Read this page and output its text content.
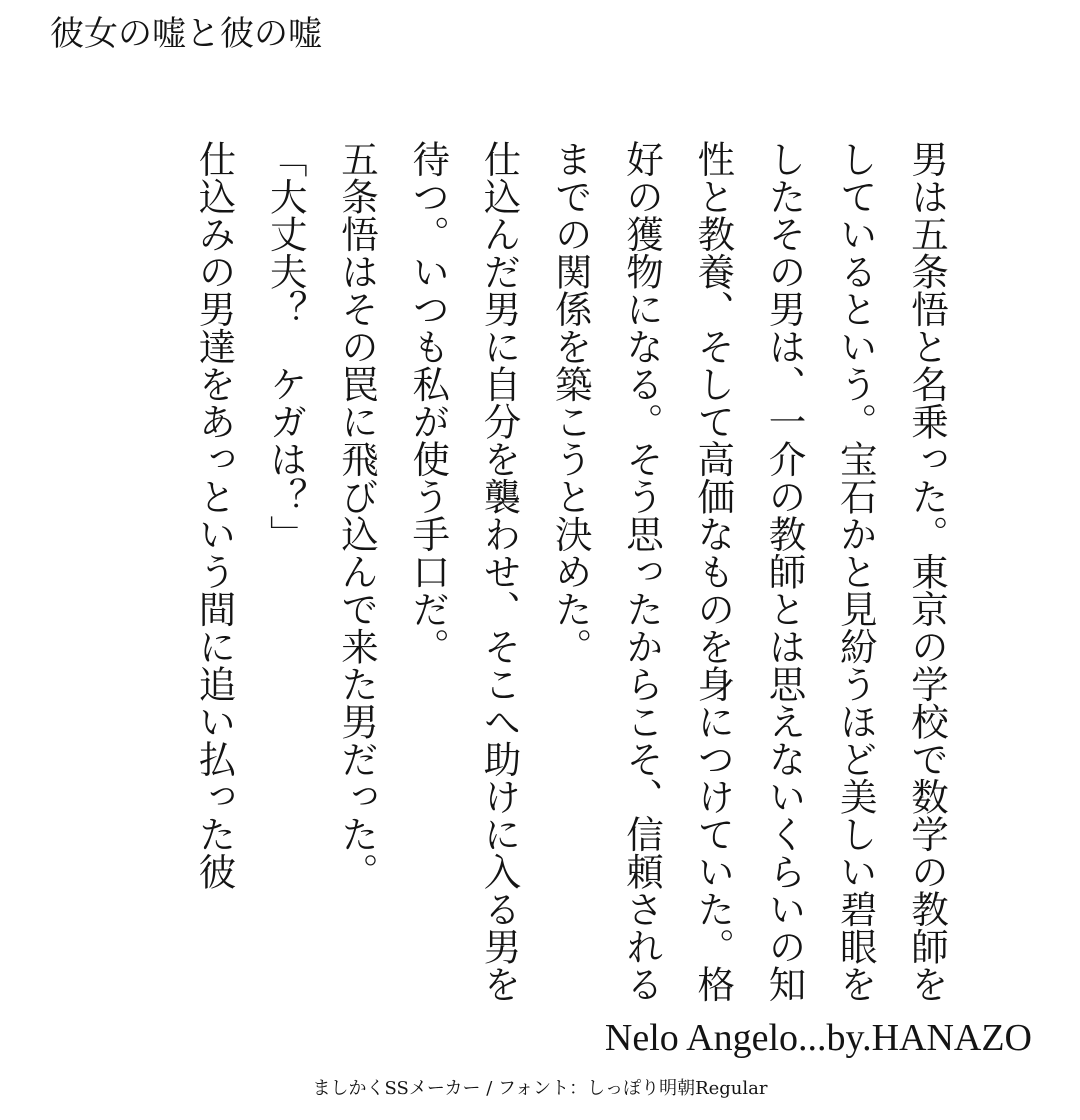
彼女の嘘と彼の嘘

男は五条悟と名乗った。東京の学校で数学の教師をしているという。宝石かと見紛うほど美しい碧眼をしたその男は、一介の教師とは思えないくらいの知性と教養、そして高価なものを身につけていた。格好の獲物になる。そう思ったからこそ、信頼されるまでの関係を築こうと決めた。

仕込んだ男に自分を襲わせ、そこへ助けに入る男を待つ。いつも私が使う手口だ。

五条悟はその罠に飛び込んで来た男だった。

「大丈夫？　ケガは？」

仕込みの男達をあっという間に追い払った彼

Nelo Angelo...by.HANAZO
ましかくSSメーカー / フォント：しっぽり明朝Regular
